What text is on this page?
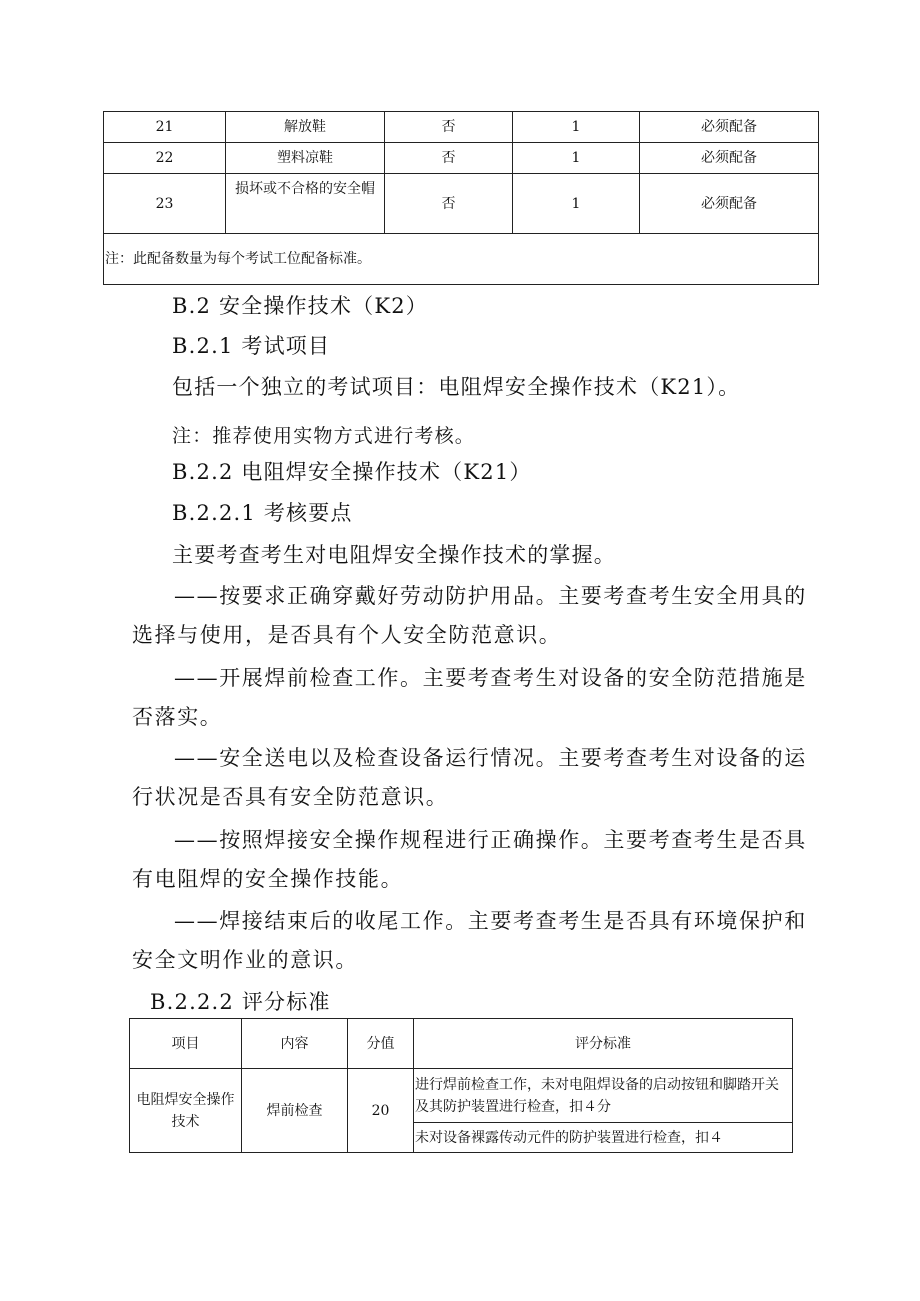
21	解放鞋	否	1	必须配备
22	塑料凉鞋	否	1	必须配备
23	损坏或不合格的安全帽	否	1	必须配备
注：此配备数量为每个考试工位配备标准。				
B.2 安全操作技术（K2）
B.2.1 考试项目
包括一个独立的考试项目：电阻焊安全操作技术（K21）。
注：推荐使用实物方式进行考核。
B.2.2 电阻焊安全操作技术（K21）
B.2.2.1 考核要点
主要考查考生对电阻焊安全操作技术的掌握。
——按要求正确穿戴好劳动防护用品。主要考查考生安全用具的选择与使用，是否具有个人安全防范意识。
——开展焊前检查工作。主要考查考生对设备的安全防范措施是否落实。
——安全送电以及检查设备运行情况。主要考查考生对设备的运行状况是否具有安全防范意识。
——按照焊接安全操作规程进行正确操作。主要考查考生是否具有电阻焊的安全操作技能。
——焊接结束后的收尾工作。主要考查考生是否具有环境保护和安全文明作业的意识。
B.2.2.2 评分标准
项目	内容	分值	评分标准
电阻焊安全操作技术	焊前检查	20	进行焊前检查工作，未对电阻焊设备的启动按钮和脚踏开关及其防护装置进行检查，扣４分
			未对设备裸露传动元件的防护装置进行检查，扣４
